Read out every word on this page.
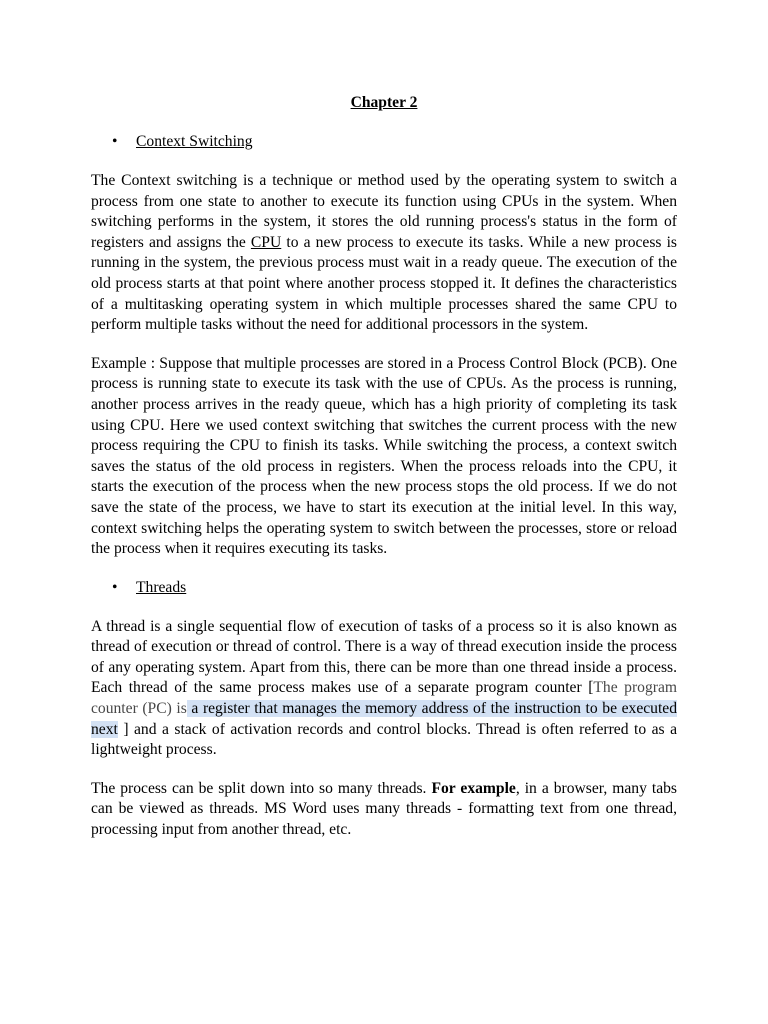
Chapter 2
• Context Switching

The Context switching is a technique or method used by the operating system to switch a process from one state to another to execute its function using CPUs in the system. When switching performs in the system, it stores the old running process's status in the form of registers and assigns the CPU to a new process to execute its tasks. While a new process is running in the system, the previous process must wait in a ready queue. The execution of the old process starts at that point where another process stopped it. It defines the characteristics of a multitasking operating system in which multiple processes shared the same CPU to perform multiple tasks without the need for additional processors in the system.

Example : Suppose that multiple processes are stored in a Process Control Block (PCB). One process is running state to execute its task with the use of CPUs. As the process is running, another process arrives in the ready queue, which has a high priority of completing its task using CPU. Here we used context switching that switches the current process with the new process requiring the CPU to finish its tasks. While switching the process, a context switch saves the status of the old process in registers. When the process reloads into the CPU, it starts the execution of the process when the new process stops the old process. If we do not save the state of the process, we have to start its execution at the initial level. In this way, context switching helps the operating system to switch between the processes, store or reload the process when it requires executing its tasks.

• Threads

A thread is a single sequential flow of execution of tasks of a process so it is also known as thread of execution or thread of control. There is a way of thread execution inside the process of any operating system. Apart from this, there can be more than one thread inside a process. Each thread of the same process makes use of a separate program counter [The program counter (PC) is a register that manages the memory address of the instruction to be executed next ] and a stack of activation records and control blocks. Thread is often referred to as a lightweight process.

The process can be split down into so many threads. For example, in a browser, many tabs can be viewed as threads. MS Word uses many threads - formatting text from one thread, processing input from another thread, etc.
